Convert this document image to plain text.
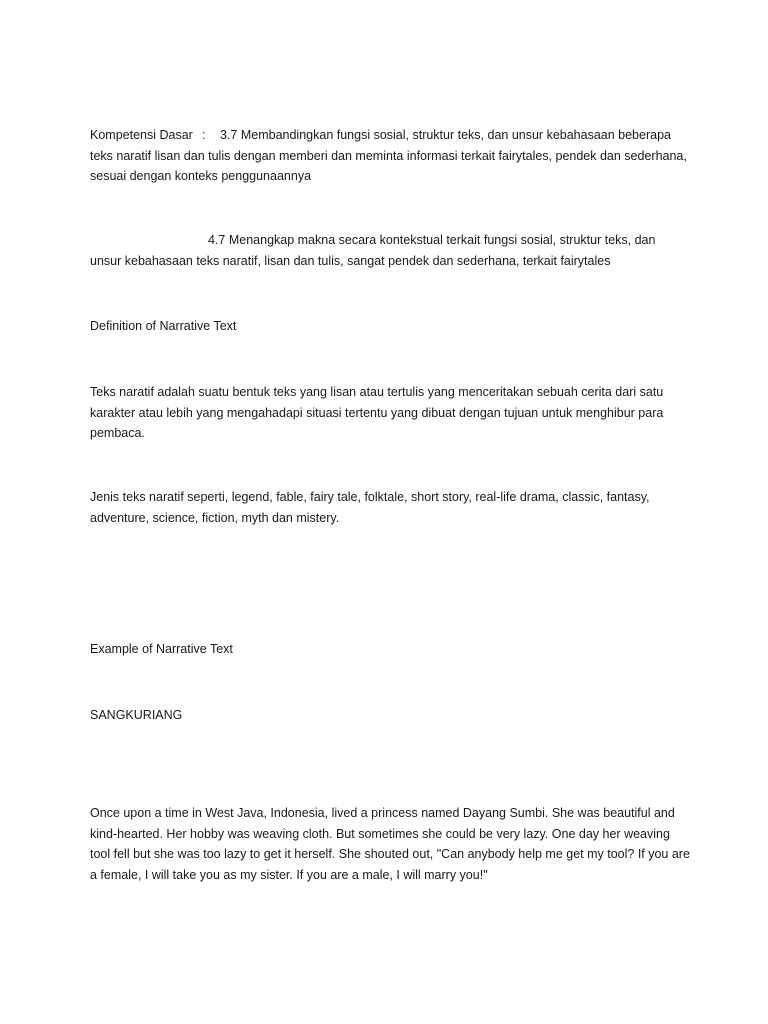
Kompetensi Dasar :	3.7 Membandingkan fungsi sosial, struktur teks, dan unsur kebahasaan beberapa
teks naratif lisan dan tulis dengan memberi dan meminta informasi terkait fairytales, pendek dan sederhana, sesuai dengan konteks penggunaannya
4.7 Menangkap makna secara kontekstual terkait fungsi sosial, struktur teks, dan unsur kebahasaan teks naratif, lisan dan tulis, sangat pendek dan sederhana, terkait fairytales
Definition of Narrative Text
Teks naratif adalah suatu bentuk teks yang lisan atau tertulis yang menceritakan sebuah cerita dari satu karakter atau lebih yang mengahadapi situasi tertentu yang dibuat dengan tujuan untuk menghibur para pembaca.
Jenis teks naratif seperti, legend, fable, fairy tale, folktale, short story, real-life drama, classic, fantasy, adventure, science, fiction, myth dan mistery.
Example of Narrative Text
SANGKURIANG
Once upon a time in West Java, Indonesia, lived a princess named Dayang Sumbi. She was beautiful and kind-hearted. Her hobby was weaving cloth. But sometimes she could be very lazy. One day her weaving tool fell but she was too lazy to get it herself. She shouted out, "Can anybody help me get my tool? If you are a female, I will take you as my sister. If you are a male, I will marry you!"
